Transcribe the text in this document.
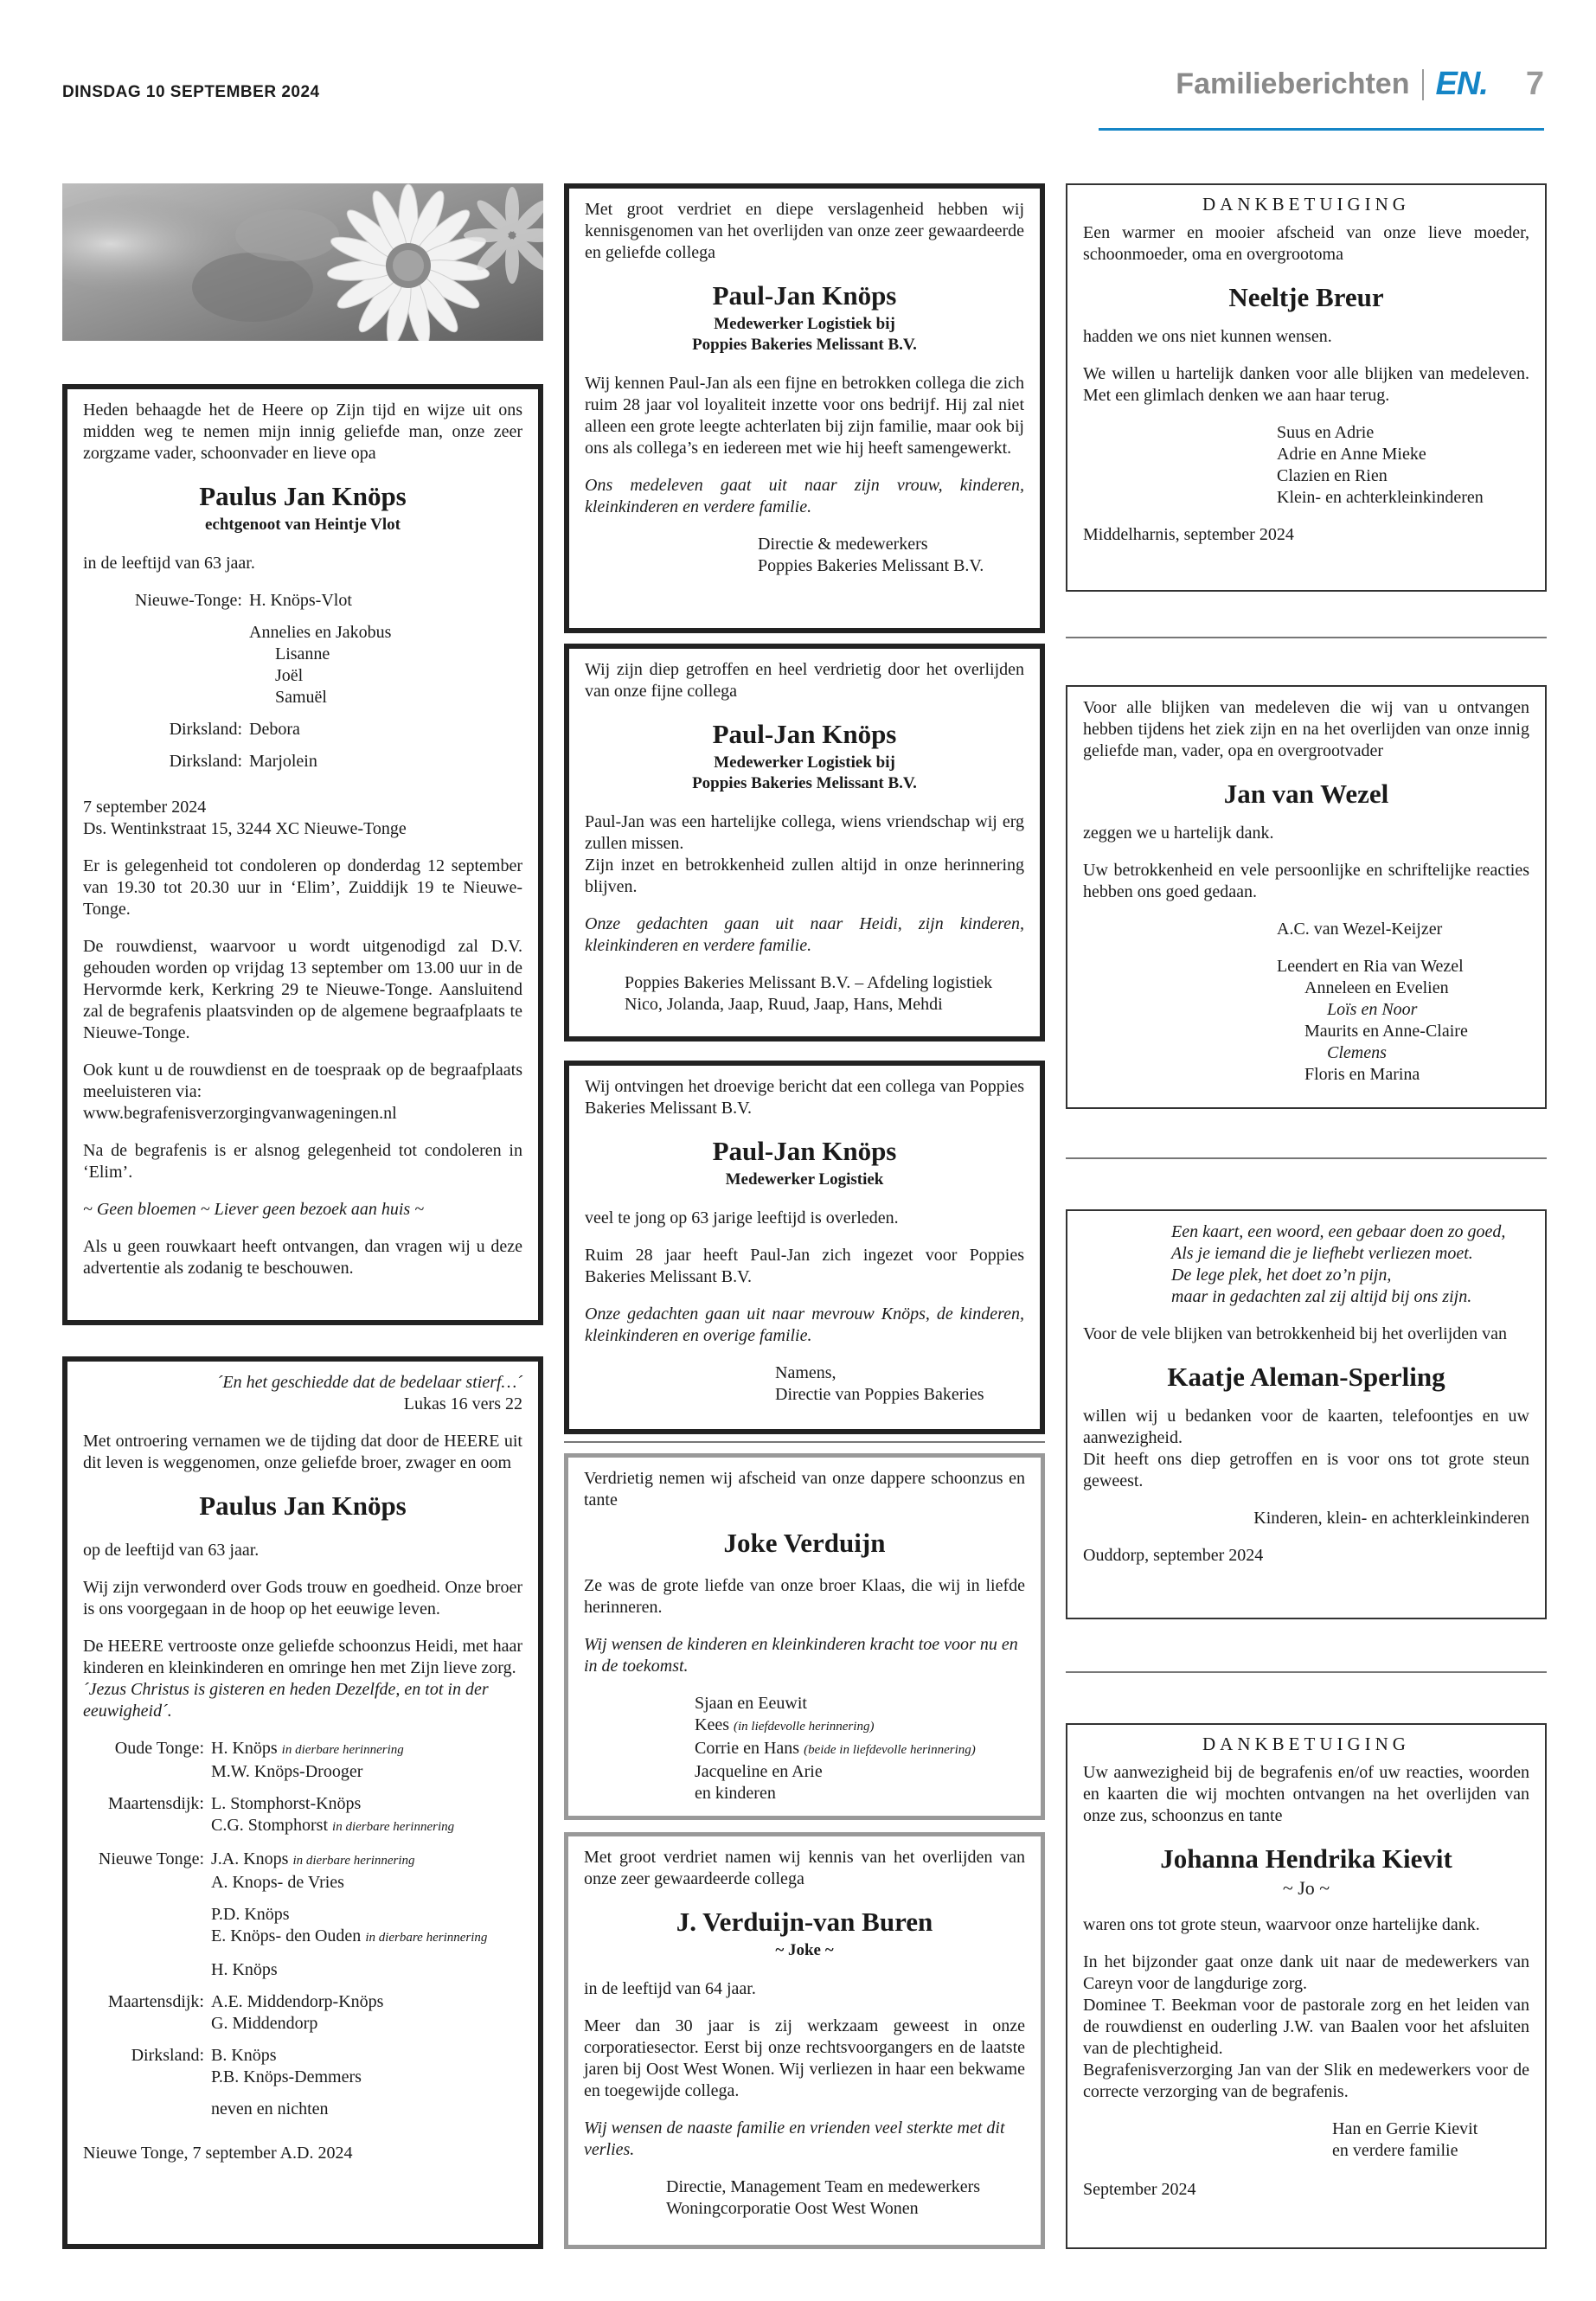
DINSDAG 10 SEPTEMBER 2024	Familieberichten EN. 7

Heden behaagde het de Heere op Zijn tijd en wijze uit ons midden weg te nemen mijn innig geliefde man, onze zeer zorgzame vader, schoonvader en lieve opa

Paulus Jan Knöps
echtgenoot van Heintje Vlot

in de leeftijd van 63 jaar.

Nieuwe-Tonge: H. Knöps-Vlot
Annelies en Jakobus
Lisanne
Joël
Samuël
Dirksland: Debora
Dirksland: Marjolein
7 september 2024

Ds. Wentinkstraat 15, 3244 XC Nieuwe-Tonge

Er is gelegenheid tot condoleren op donderdag 12 september van 19.30 tot 20.30 uur in ‘Elim’, Zuiddijk 19 te Nieuwe-Tonge.

De rouwdienst, waarvoor u wordt uitgenodigd zal D.V. gehouden worden op vrijdag 13 september om 13.00 uur in de Hervormde kerk, Kerkring 29 te Nieuwe-Tonge. Aansluitend zal de begrafenis plaatsvinden op de algemene begraafplaats te Nieuwe-Tonge.

Ook kunt u de rouwdienst en de toespraak op de begraafplaats meeluisteren via:

www.begrafenisverzorgingvanwageningen.nl

Na de begrafenis is er alsnog gelegenheid tot condoleren in ‘Elim’.

~ Geen bloemen ~ Liever geen bezoek aan huis ~

Als u geen rouwkaart heeft ontvangen, dan vragen wij u deze advertentie als zodanig te beschouwen.

´En het geschiedde dat de bedelaar stierf…´

Lukas 16 vers 22

Met ontroering vernamen we de tijding dat door de HEERE uit dit leven is weggenomen, onze geliefde broer, zwager en oom

Paulus Jan Knöps

op de leeftijd van 63 jaar.

Wij zijn verwonderd over Gods trouw en goedheid. Onze broer is ons voorgegaan in de hoop op het eeuwige leven.

De HEERE vertrooste onze geliefde schoonzus Heidi, met haar kinderen en kleinkinderen en omringe hen met Zijn lieve zorg.

´Jezus Christus is gisteren en heden Dezelfde, en tot in der eeuwigheid´.

Oude Tonge: H. Knöps in dierbare herinnering
M.W. Knöps-Drooger
Maartensdijk: L. Stomphorst-Knöps
C.G. Stomphorst in dierbare herinnering
Nieuwe Tonge: J.A. Knops in dierbare herinnering
A. Knops- de Vries
P.D. Knöps
E. Knöps- den Ouden in dierbare herinnering
H. Knöps
Maartensdijk: A.E. Middendorp-Knöps
G. Middendorp
Dirksland: B. Knöps
P.B. Knöps-Demmers
neven en nichten
Nieuwe Tonge, 7 september A.D. 2024

Met groot verdriet en diepe verslagenheid hebben wij kennisgenomen van het overlijden van onze zeer gewaardeerde en geliefde collega

Paul-Jan Knöps
Medewerker Logistiek bij
Poppies Bakeries Melissant B.V.

Wij kennen Paul-Jan als een fijne en betrokken collega die zich ruim 28 jaar vol loyaliteit inzette voor ons bedrijf. Hij zal niet alleen een grote leegte achterlaten bij zijn familie, maar ook bij ons als collega’s en iedereen met wie hij heeft samengewerkt.

Ons medeleven gaat uit naar zijn vrouw, kinderen, kleinkinderen en verdere familie.

Directie & medewerkers
Poppies Bakeries Melissant B.V.

Wij zijn diep getroffen en heel verdrietig door het overlijden van onze fijne collega

Paul-Jan Knöps
Medewerker Logistiek bij
Poppies Bakeries Melissant B.V.
Paul-Jan was een hartelijke collega, wiens vriendschap wij erg zullen missen.

Zijn inzet en betrokkenheid zullen altijd in onze herinnering blijven.

Onze gedachten gaan uit naar Heidi, zijn kinderen, kleinkinderen en verdere familie.

Poppies Bakeries Melissant B.V. – Afdeling logistiek
Nico, Jolanda, Jaap, Ruud, Jaap, Hans, Mehdi

Wij ontvingen het droevige bericht dat een collega van Poppies Bakeries Melissant B.V.

Paul-Jan Knöps
Medewerker Logistiek

veel te jong op 63 jarige leeftijd is overleden.

Ruim 28 jaar heeft Paul-Jan zich ingezet voor Poppies Bakeries Melissant B.V.

Onze gedachten gaan uit naar mevrouw Knöps, de kinderen, kleinkinderen en overige familie.

Namens,
Directie van Poppies Bakeries

Verdrietig nemen wij afscheid van onze dappere schoonzus en tante

Joke Verduijn

Ze was de grote liefde van onze broer Klaas, die wij in liefde herinneren.

Wij wensen de kinderen en kleinkinderen kracht toe voor nu en in de toekomst.

Sjaan en Eeuwit
Kees (in liefdevolle herinnering)
Corrie en Hans (beide in liefdevolle herinnering)
Jacqueline en Arie
en kinderen

Met groot verdriet namen wij kennis van het overlijden van onze zeer gewaardeerde collega

J. Verduijn-van Buren
~ Joke ~

in de leeftijd van 64 jaar.

Meer dan 30 jaar is zij werkzaam geweest in onze corporatiesector. Eerst bij onze rechtsvoorgangers en de laatste jaren bij Oost West Wonen. Wij verliezen in haar een bekwame en toegewijde collega.

Wij wensen de naaste familie en vrienden veel sterkte met dit verlies.

Directie, Management Team en medewerkers
Woningcorporatie Oost West Wonen
DANKBETUIGING

Een warmer en mooier afscheid van onze lieve moeder, schoonmoeder, oma en overgrootoma

Neeltje Breur

hadden we ons niet kunnen wensen.

We willen u hartelijk danken voor alle blijken van medeleven. Met een glimlach denken we aan haar terug.

Suus en Adrie
Adrie en Anne Mieke
Clazien en Rien
Klein- en achterkleinkinderen
Middelharnis, september 2024

Voor alle blijken van medeleven die wij van u ontvangen hebben tijdens het ziek zijn en na het overlijden van onze innig geliefde man, vader, opa en overgrootvader

Jan van Wezel

zeggen we u hartelijk dank.

Uw betrokkenheid en vele persoonlijke en schriftelijke reacties hebben ons goed gedaan.

A.C. van Wezel-Keijzer

Leendert en Ria van Wezel
Anneleen en Evelien
Loïs en Noor
Maurits en Anne-Claire
Clemens
Floris en Marina
Een kaart, een woord, een gebaar doen zo goed,
Als je iemand die je liefhebt verliezen moet.
De lege plek, het doet zo’n pijn,

maar in gedachten zal zij altijd bij ons zijn.

Voor de vele blijken van betrokkenheid bij het overlijden van

Kaatje Aleman-Sperling
willen wij u bedanken voor de kaarten, telefoontjes en uw aanwezigheid.

Dit heeft ons diep getroffen en is voor ons tot grote steun geweest.

Kinderen, klein- en achterkleinkinderen

Ouddorp, september 2024
DANKBETUIGING

Uw aanwezigheid bij de begrafenis en/of uw reacties, woorden en kaarten die wij mochten ontvangen na het overlijden van onze zus, schoonzus en tante

Johanna Hendrika Kievit
~ Jo ~

waren ons tot grote steun, waarvoor onze hartelijke dank.

In het bijzonder gaat onze dank uit naar de medewerkers van Careyn voor de langdurige zorg.
Dominee T. Beekman voor de pastorale zorg en het leiden van de rouwdienst en ouderling J.W. van Baalen voor het afsluiten van de plechtigheid.

Begrafenisverzorging Jan van der Slik en medewerkers voor de correcte verzorging van de begrafenis.

Han en Gerrie Kievit
en verdere familie
September 2024
